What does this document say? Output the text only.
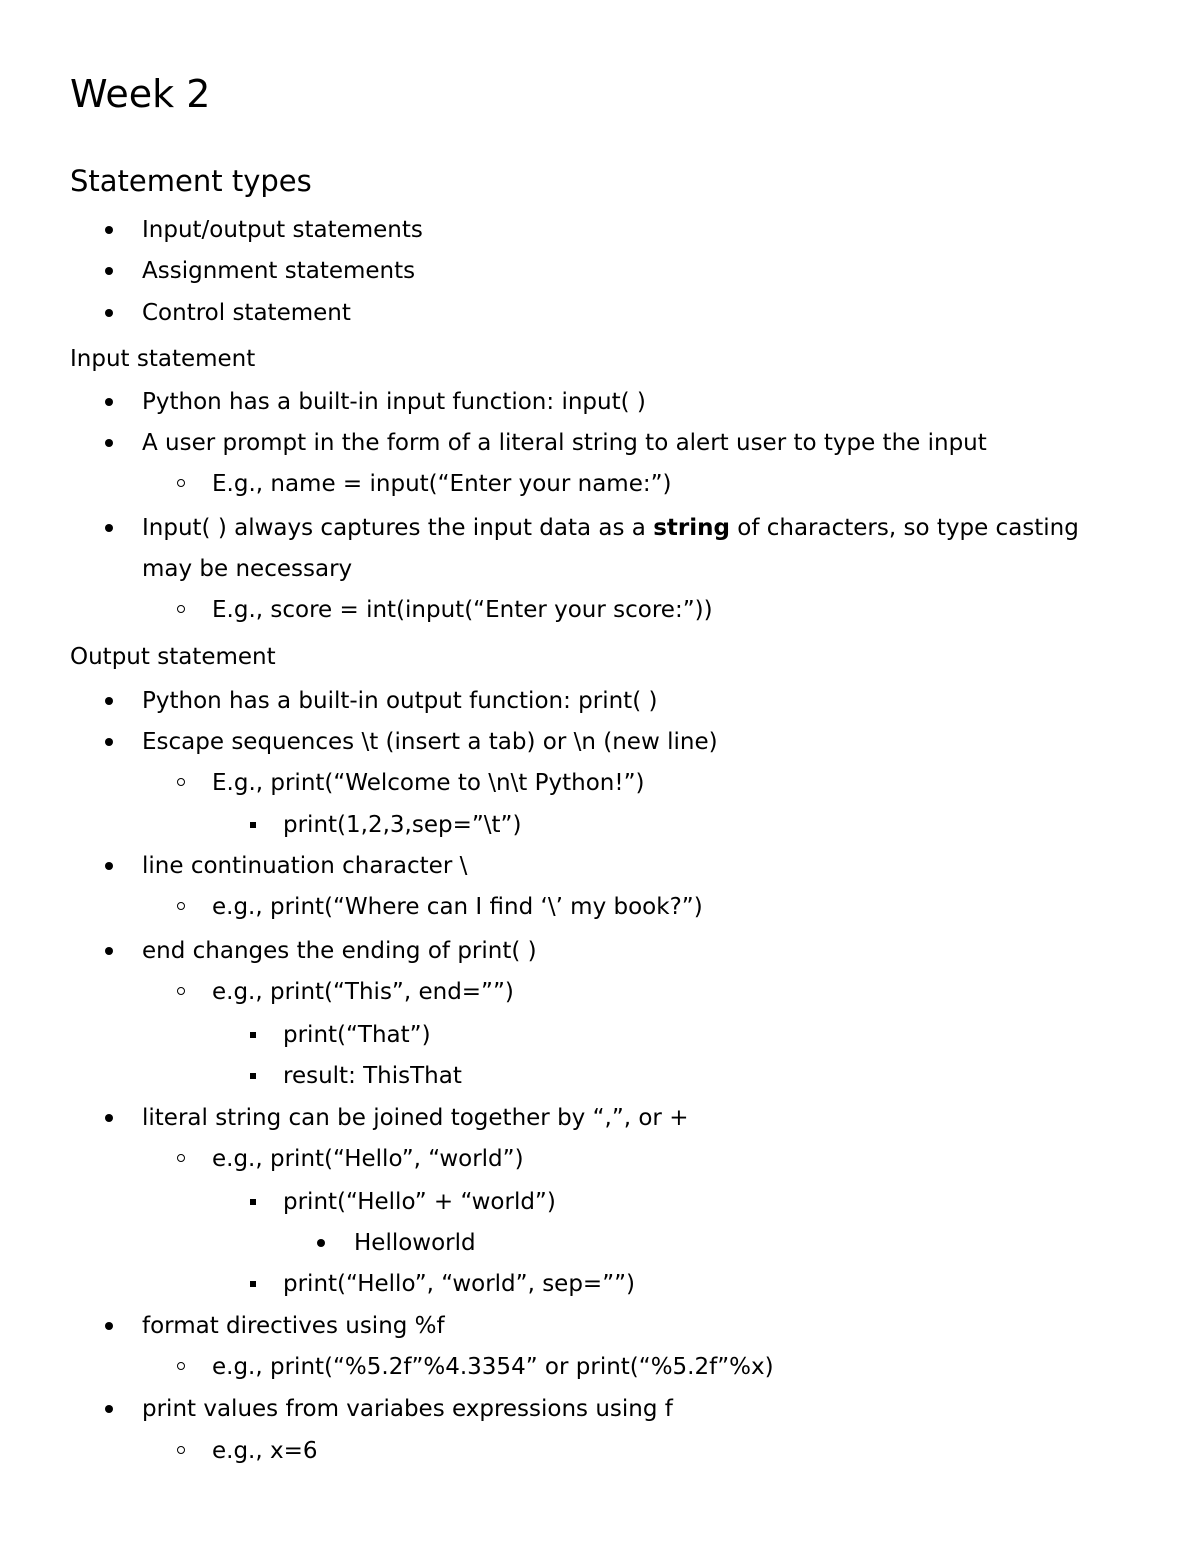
Week 2
Statement types
Input/output statements
Assignment statements
Control statement
Input statement
Python has a built-in input function: input( )
A user prompt in the form of a literal string to alert user to type the input
E.g., name = input(“Enter your name:”)
Input( ) always captures the input data as a string of characters, so type casting may be necessary
E.g., score = int(input(“Enter your score:”))
Output statement
Python has a built-in output function: print( )
Escape sequences \t (insert a tab) or \n (new line)
E.g., print(“Welcome to \n\t Python!”)
print(1,2,3,sep=”\t”)
line continuation character \
e.g., print(“Where can I find ‘\’ my book?”)
end changes the ending of print( )
e.g., print(“This”, end=””)
print(“That”)
result: ThisThat
literal string can be joined together by “,”, or +
e.g., print(“Hello”, “world”)
print(“Hello” + “world”)
Helloworld
print(“Hello”, “world”, sep=””)
format directives using %f
e.g., print(“%5.2f”%4.3354” or print(“%5.2f”%x)
print values from variabes expressions using f
e.g., x=6
